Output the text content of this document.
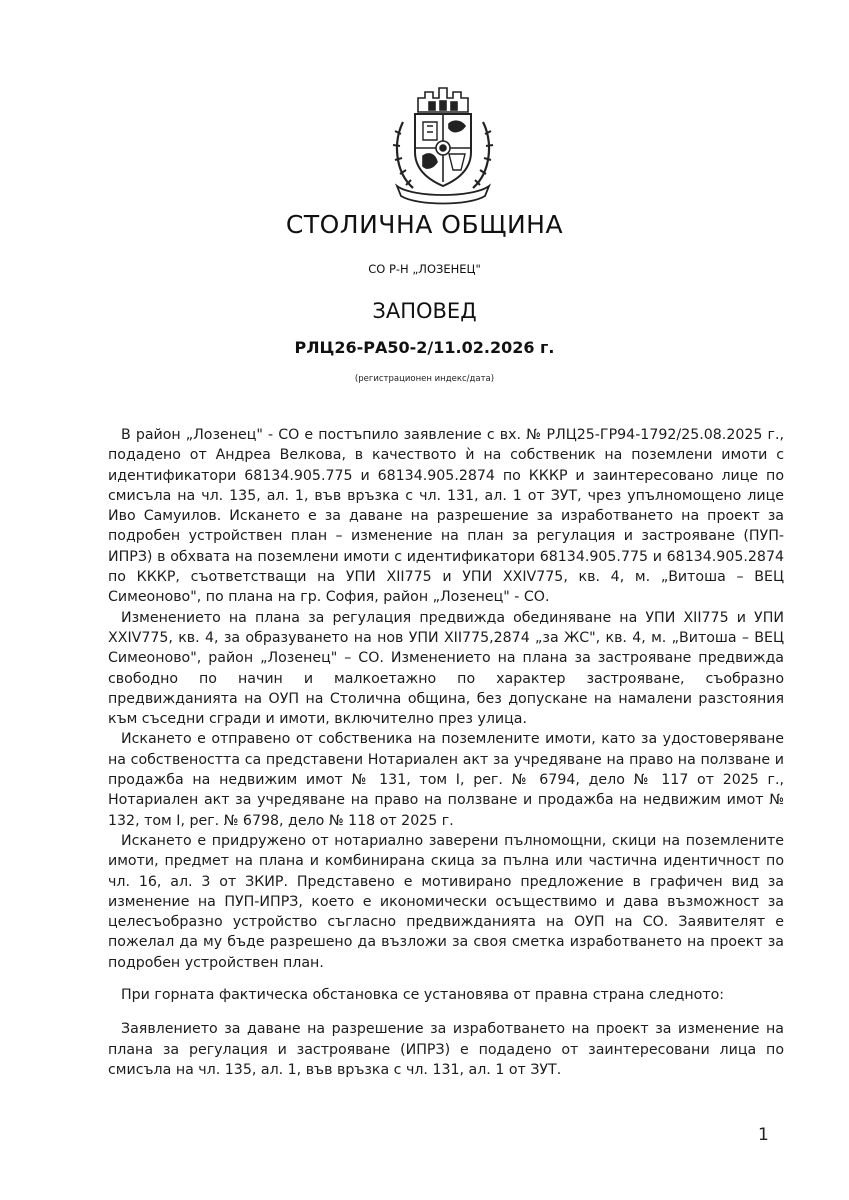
СТОЛИЧНА ОБЩИНА
СО Р-Н „ЛОЗЕНЕЦ"
ЗАПОВЕД
РЛЦ26-РА50-2/11.02.2026 г.
(регистрационен индекс/дата)

В район „Лозенец" - СО е постъпило заявление с вх. № РЛЦ25-ГР94-1792/25.08.2025 г., подадено от Андреа Велкова, в качеството ѝ на собственик на поземлени имоти с идентификатори 68134.905.775 и 68134.905.2874 по КККР и заинтересовано лице по смисъла на чл. 135, ал. 1, във връзка с чл. 131, ал. 1 от ЗУТ, чрез упълномощено лице Иво Самуилов. Искането е за даване на разрешение за изработването на проект за подробен устройствен план – изменение на план за регулация и застрояване (ПУП-ИПРЗ) в обхвата на поземлени имоти с идентификатори 68134.905.775 и 68134.905.2874 по КККР, съответстващи на УПИ XII775 и УПИ XXIV775, кв. 4, м. „Витоша – ВЕЦ Симеоново", по плана на гр. София, район „Лозенец" - СО.

Изменението на плана за регулация предвижда обединяване на УПИ XII775 и УПИ XXIV775, кв. 4, за образуването на нов УПИ XII775,2874 „за ЖС", кв. 4, м. „Витоша – ВЕЦ Симеоново", район „Лозенец" – СО. Изменението на плана за застрояване предвижда свободно по начин и малкоетажно по характер застрояване, съобразно предвижданията на ОУП на Столична община, без допускане на намалени разстояния към съседни сгради и имоти, включително през улица.

Искането е отправено от собственика на поземлените имоти, като за удостоверяване на собствеността са представени Нотариален акт за учредяване на право на ползване и продажба на недвижим имот № 131, том I, рег. № 6794, дело № 117 от 2025 г., Нотариален акт за учредяване на право на ползване и продажба на недвижим имот № 132, том I, рег. № 6798, дело № 118 от 2025 г.

Искането е придружено от нотариално заверени пълномощни, скици на поземлените имоти, предмет на плана и комбинирана скица за пълна или частична идентичност по чл. 16, ал. 3 от ЗКИР. Представено е мотивирано предложение в графичен вид за изменение на ПУП-ИПРЗ, което е икономически осъществимо и дава възможност за целесъобразно устройство съгласно предвижданията на ОУП на СО. Заявителят е пожелал да му бъде разрешено да възложи за своя сметка изработването на проект за подробен устройствен план.

При горната фактическа обстановка се установява от правна страна следното:

Заявлението за даване на разрешение за изработването на проект за изменение на плана за регулация и застрояване (ИПРЗ) е подадено от заинтересовани лица по смисъла на чл. 135, ал. 1, във връзка с чл. 131, ал. 1 от ЗУТ.

1
